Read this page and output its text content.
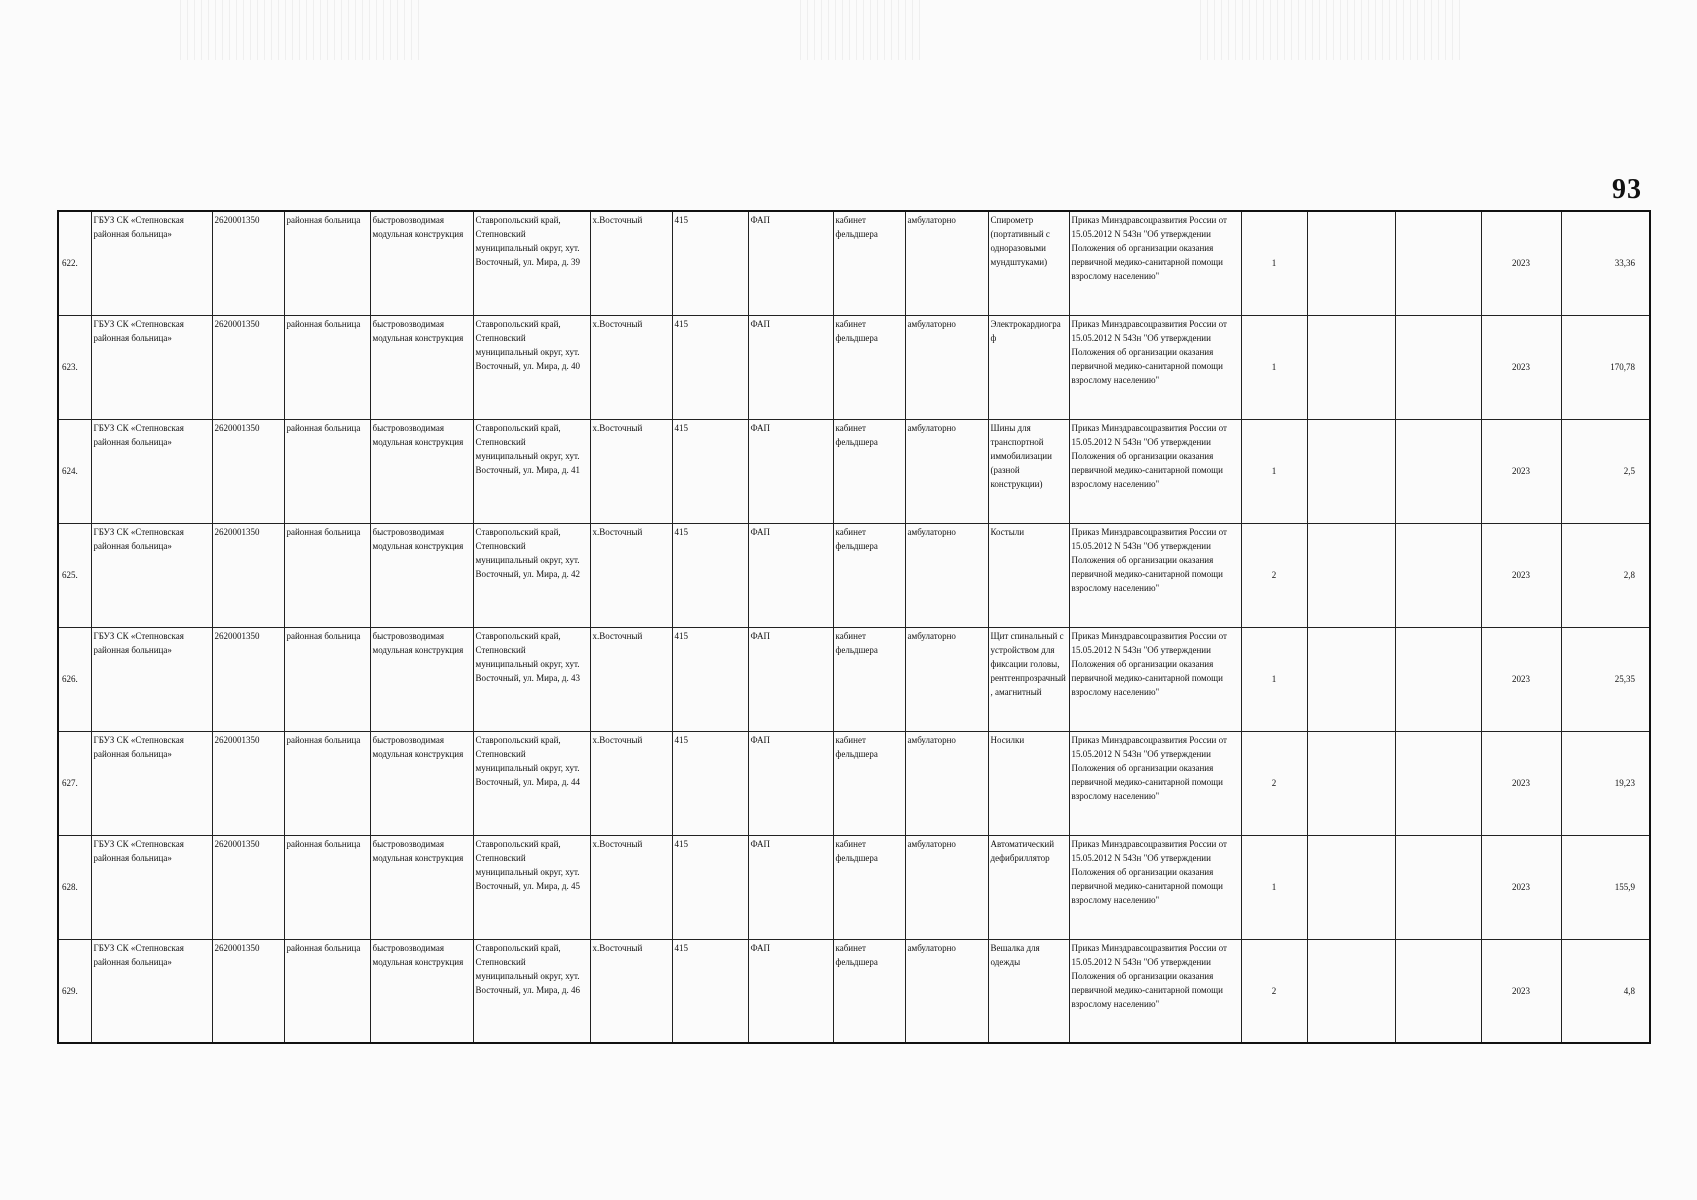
93
622.	ГБУЗ СК «Степновская районная больница»	2620001350	районная больница	быстровозводимая модульная конструкция	Ставропольский край, Степновский муниципальный округ, хут. Восточный, ул. Мира, д. 39	х.Восточный	415	ФАП	кабинет фельдшера	амбулаторно	Спирометр (портативный с одноразовыми мундштуками)	Приказ Минздравсоцразвития России от 15.05.2012 N 543н "Об утверждении Положения об организации оказания первичной медико-санитарной помощи взрослому населению"	1			2023	33,36
623.	ГБУЗ СК «Степновская районная больница»	2620001350	районная больница	быстровозводимая модульная конструкция	Ставропольский край, Степновский муниципальный округ, хут. Восточный, ул. Мира, д. 40	х.Восточный	415	ФАП	кабинет фельдшера	амбулаторно	Электрокардиограф	Приказ Минздравсоцразвития России от 15.05.2012 N 543н "Об утверждении Положения об организации оказания первичной медико-санитарной помощи взрослому населению"	1			2023	170,78
624.	ГБУЗ СК «Степновская районная больница»	2620001350	районная больница	быстровозводимая модульная конструкция	Ставропольский край, Степновский муниципальный округ, хут. Восточный, ул. Мира, д. 41	х.Восточный	415	ФАП	кабинет фельдшера	амбулаторно	Шины для транспортной иммобилизации (разной конструкции)	Приказ Минздравсоцразвития России от 15.05.2012 N 543н "Об утверждении Положения об организации оказания первичной медико-санитарной помощи взрослому населению"	1			2023	2,5
625.	ГБУЗ СК «Степновская районная больница»	2620001350	районная больница	быстровозводимая модульная конструкция	Ставропольский край, Степновский муниципальный округ, хут. Восточный, ул. Мира, д. 42	х.Восточный	415	ФАП	кабинет фельдшера	амбулаторно	Костыли	Приказ Минздравсоцразвития России от 15.05.2012 N 543н "Об утверждении Положения об организации оказания первичной медико-санитарной помощи взрослому населению"	2			2023	2,8
626.	ГБУЗ СК «Степновская районная больница»	2620001350	районная больница	быстровозводимая модульная конструкция	Ставропольский край, Степновский муниципальный округ, хут. Восточный, ул. Мира, д. 43	х.Восточный	415	ФАП	кабинет фельдшера	амбулаторно	Щит спинальный с устройством для фиксации головы, рентгенпрозрачный, амагнитный	Приказ Минздравсоцразвития России от 15.05.2012 N 543н "Об утверждении Положения об организации оказания первичной медико-санитарной помощи взрослому населению"	1			2023	25,35
627.	ГБУЗ СК «Степновская районная больница»	2620001350	районная больница	быстровозводимая модульная конструкция	Ставропольский край, Степновский муниципальный округ, хут. Восточный, ул. Мира, д. 44	х.Восточный	415	ФАП	кабинет фельдшера	амбулаторно	Носилки	Приказ Минздравсоцразвития России от 15.05.2012 N 543н "Об утверждении Положения об организации оказания первичной медико-санитарной помощи взрослому населению"	2			2023	19,23
628.	ГБУЗ СК «Степновская районная больница»	2620001350	районная больница	быстровозводимая модульная конструкция	Ставропольский край, Степновский муниципальный округ, хут. Восточный, ул. Мира, д. 45	х.Восточный	415	ФАП	кабинет фельдшера	амбулаторно	Автоматический дефибриллятор	Приказ Минздравсоцразвития России от 15.05.2012 N 543н "Об утверждении Положения об организации оказания первичной медико-санитарной помощи взрослому населению"	1			2023	155,9
629.	ГБУЗ СК «Степновская районная больница»	2620001350	районная больница	быстровозводимая модульная конструкция	Ставропольский край, Степновский муниципальный округ, хут. Восточный, ул. Мира, д. 46	х.Восточный	415	ФАП	кабинет фельдшера	амбулаторно	Вешалка для одежды	Приказ Минздравсоцразвития России от 15.05.2012 N 543н "Об утверждении Положения об организации оказания первичной медико-санитарной помощи взрослому населению"	2			2023	4,8
